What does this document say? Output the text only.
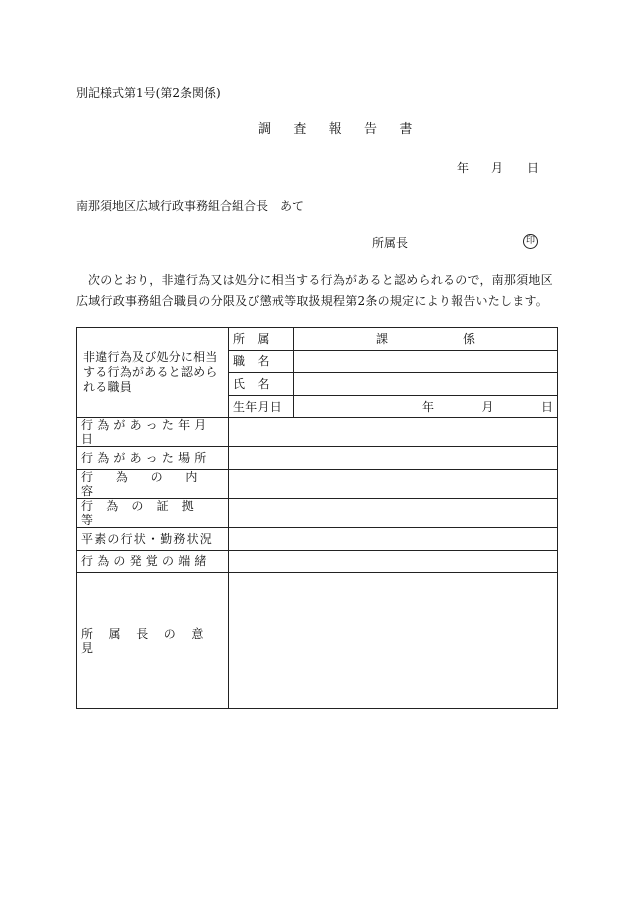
別記様式第1号(第2条関係)
調 査 報 告 書
年 月 日
南那須地区広域行政事務組合組合長　あて
所属長	印
次のとおり，非違行為又は処分に相当する行為があると認められるので，南那須地区広域行政事務組合職員の分限及び懲戒等取扱規程第2条の規定により報告いたします。
非違行為及び処分に相当する行為があると認められる職員	所　属	課 係

	職　名	
	氏　名	
	生年月日	年 月 日

行為があった年月日		
行為があった場所		
行為の内容		
行為の証拠等		
平素の行状・勤務状況		
行為の発覚の端緒		
所属長の意見		
